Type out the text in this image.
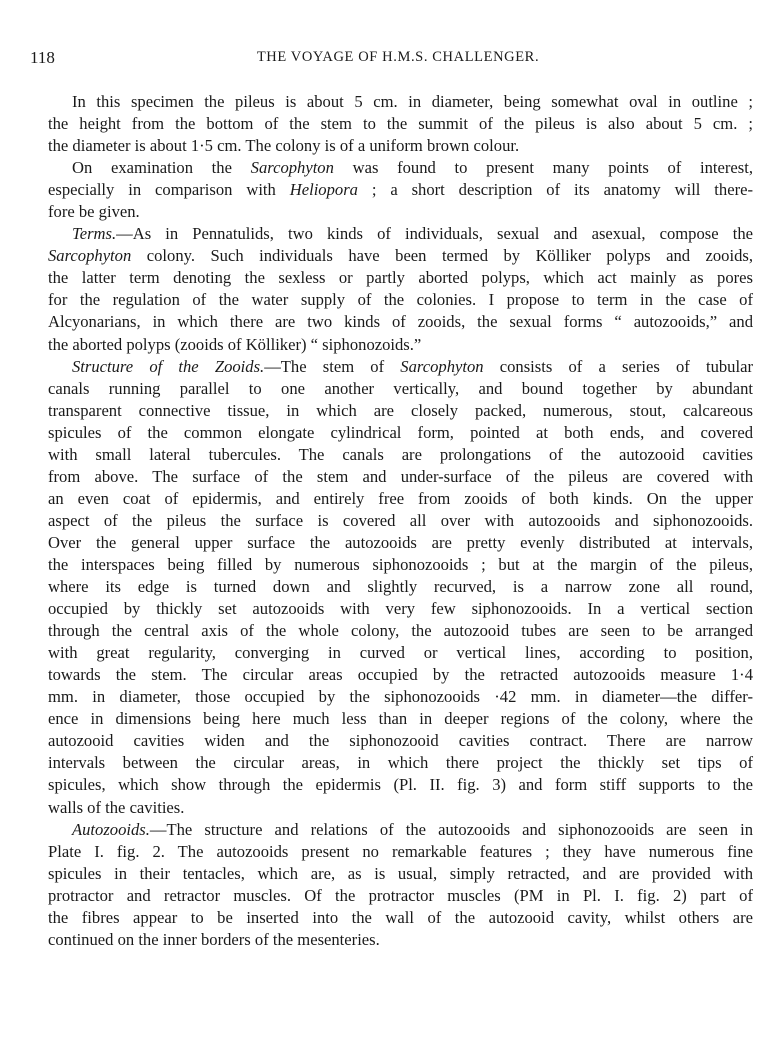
118	THE VOYAGE OF H.M.S. CHALLENGER.
In this specimen the pileus is about 5 cm. in diameter, being somewhat oval in outline ;
the height from the bottom of the stem to the summit of the pileus is also about 5 cm. ;
the diameter is about 1·5 cm. The colony is of a uniform brown colour.
On examination the Sarcophyton was found to present many points of interest,
especially in comparison with Heliopora ; a short description of its anatomy will there-
fore be given.
Terms.—As in Pennatulids, two kinds of individuals, sexual and asexual, compose the
Sarcophyton colony. Such individuals have been termed by Kölliker polyps and zooids,
the latter term denoting the sexless or partly aborted polyps, which act mainly as pores
for the regulation of the water supply of the colonies. I propose to term in the case of
Alcyonarians, in which there are two kinds of zooids, the sexual forms “ autozooids,” and
the aborted polyps (zooids of Kölliker) “ siphonozoids.”
Structure of the Zooids.—The stem of Sarcophyton consists of a series of tubular
canals running parallel to one another vertically, and bound together by abundant
transparent connective tissue, in which are closely packed, numerous, stout, calcareous
spicules of the common elongate cylindrical form, pointed at both ends, and covered
with small lateral tubercules. The canals are prolongations of the autozooid cavities
from above. The surface of the stem and under-surface of the pileus are covered with
an even coat of epidermis, and entirely free from zooids of both kinds. On the upper
aspect of the pileus the surface is covered all over with autozooids and siphonozooids.
Over the general upper surface the autozooids are pretty evenly distributed at intervals,
the interspaces being filled by numerous siphonozooids ; but at the margin of the pileus,
where its edge is turned down and slightly recurved, is a narrow zone all round,
occupied by thickly set autozooids with very few siphonozooids. In a vertical section
through the central axis of the whole colony, the autozooid tubes are seen to be arranged
with great regularity, converging in curved or vertical lines, according to position,
towards the stem. The circular areas occupied by the retracted autozooids measure 1·4
mm. in diameter, those occupied by the siphonozooids ·42 mm. in diameter—the differ-
ence in dimensions being here much less than in deeper regions of the colony, where the
autozooid cavities widen and the siphonozooid cavities contract. There are narrow
intervals between the circular areas, in which there project the thickly set tips of
spicules, which show through the epidermis (Pl. II. fig. 3) and form stiff supports to the
walls of the cavities.
Autozooids.—The structure and relations of the autozooids and siphonozooids are seen in
Plate I. fig. 2. The autozooids present no remarkable features ; they have numerous fine
spicules in their tentacles, which are, as is usual, simply retracted, and are provided with
protractor and retractor muscles. Of the protractor muscles (PM in Pl. I. fig. 2) part of
the fibres appear to be inserted into the wall of the autozooid cavity, whilst others are
continued on the inner borders of the mesenteries.
